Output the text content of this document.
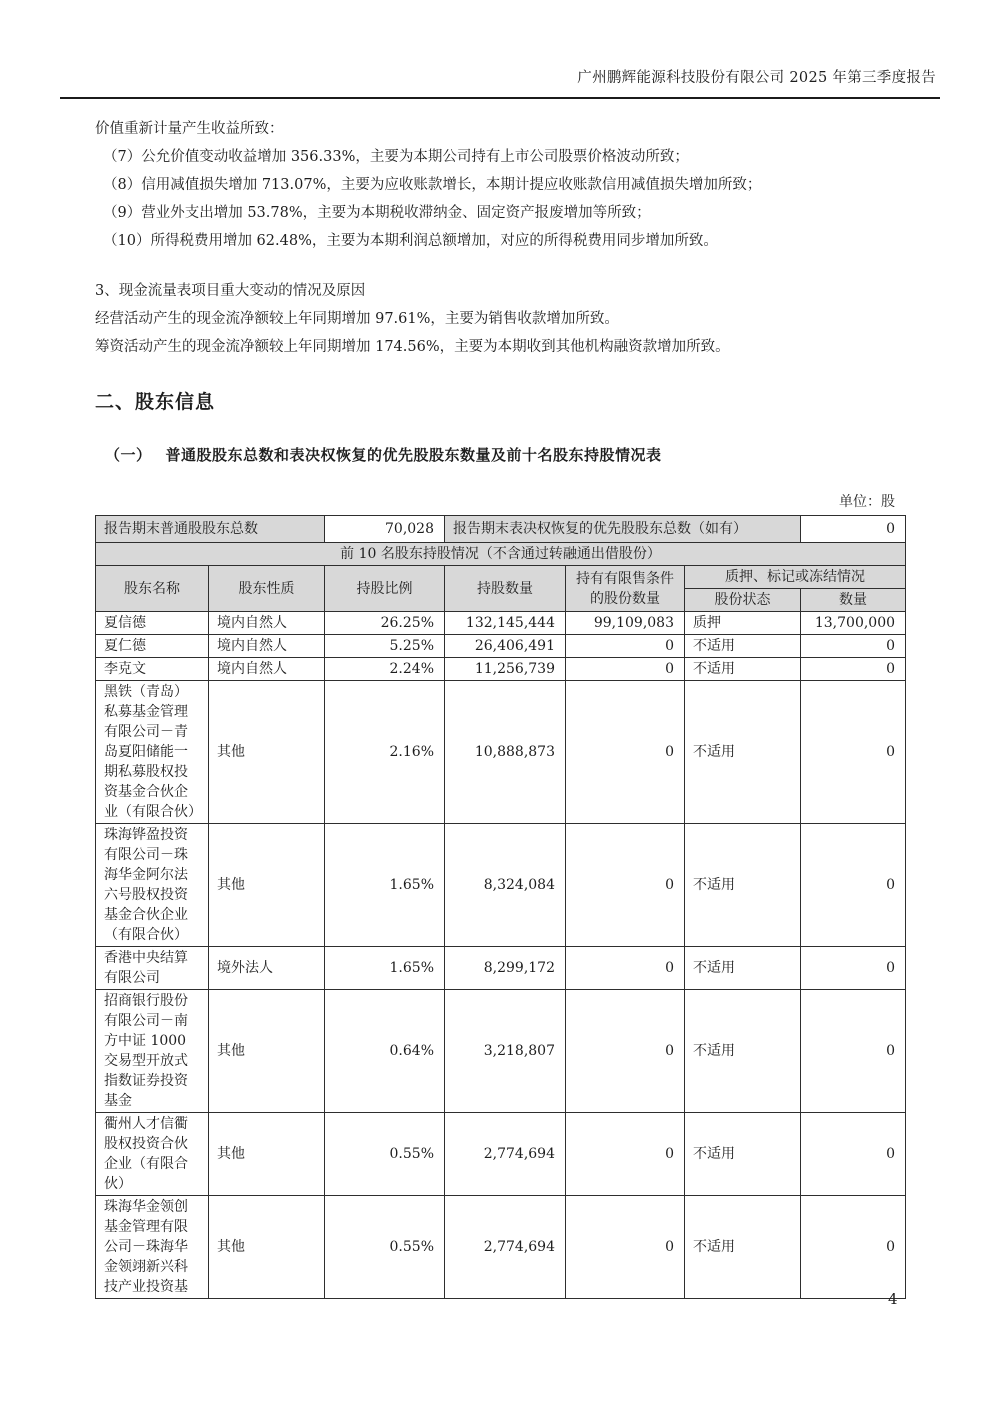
广州鹏辉能源科技股份有限公司 2025 年第三季度报告

价值重新计量产生收益所致：

（7）公允价值变动收益增加 356.33%，主要为本期公司持有上市公司股票价格波动所致；

（8）信用减值损失增加 713.07%，主要为应收账款增长，本期计提应收账款信用减值损失增加所致；

（9）营业外支出增加 53.78%，主要为本期税收滞纳金、固定资产报废增加等所致；

（10）所得税费用增加 62.48%，主要为本期利润总额增加，对应的所得税费用同步增加所致。

3、现金流量表项目重大变动的情况及原因

经营活动产生的现金流净额较上年同期增加 97.61%，主要为销售收款增加所致。

筹资活动产生的现金流净额较上年同期增加 174.56%，主要为本期收到其他机构融资款增加所致。

二、股东信息
（一） 普通股股东总数和表决权恢复的优先股股东数量及前十名股东持股情况表
单位：股
报告期末普通股股东总数		70,028	报告期末表决权恢复的优先股股东总数（如有）			0
前 10 名股东持股情况（不含通过转融通出借股份）						
股东名称	股东性质	持股比例	持股数量	持有有限售条件的股份数量	质押、标记或冻结情况	
					股份状态	数量
夏信德	境内自然人	26.25%	132,145,444	99,109,083	质押	13,700,000
夏仁德	境内自然人	5.25%	26,406,491	0	不适用	0
李克文	境内自然人	2.24%	11,256,739	0	不适用	0
黑铁（青岛）私募基金管理有限公司－青岛夏阳储能一期私募股权投资基金合伙企业（有限合伙）	其他	2.16%	10,888,873	0	不适用	0
珠海铧盈投资有限公司－珠海华金阿尔法六号股权投资基金合伙企业（有限合伙）	其他	1.65%	8,324,084	0	不适用	0
香港中央结算有限公司	境外法人	1.65%	8,299,172	0	不适用	0
招商银行股份有限公司－南方中证 1000 交易型开放式指数证券投资基金	其他	0.64%	3,218,807	0	不适用	0
衢州人才信衢股权投资合伙企业（有限合伙）	其他	0.55%	2,774,694	0	不适用	0
珠海华金领创基金管理有限公司－珠海华金领翊新兴科技产业投资基	其他	0.55%	2,774,694	0	不适用	0
4
